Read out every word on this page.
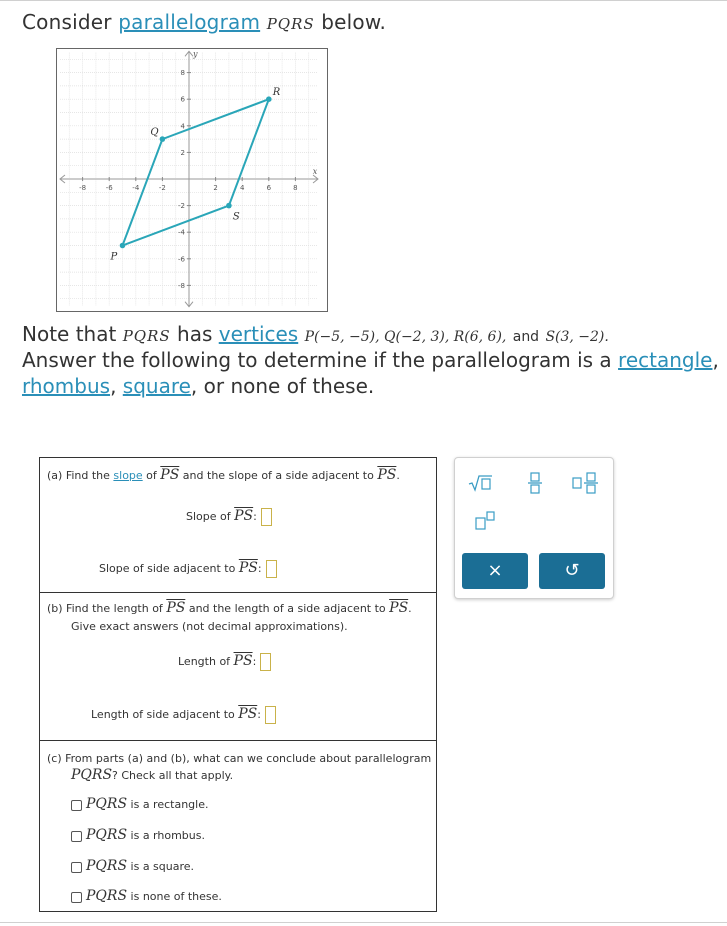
Consider parallelogram PQRS below.
-8	-6	-4	-2	2	4	6	8
8
6
4
2
-2
-4
-6
-8
x
y
P
Q
R
S
Note that PQRS has vertices P(−5, −5), Q(−2, 3), R(6, 6), and S(3, −2).
Answer the following to determine if the parallelogram is a rectangle,
rhombus, square, or none of these.
(a) Find the slope of $\overline{PS}$ and the slope of a side adjacent to $\overline{PS}$.
Slope of $\overline{PS}$:
Slope of side adjacent to $\overline{PS}$:
(b) Find the length of $\overline{PS}$ and the length of a side adjacent to $\overline{PS}$.
Give exact answers (not decimal approximations).
Length of $\overline{PS}$:
Length of side adjacent to $\overline{PS}$:
(c) From parts (a) and (b), what can we conclude about parallelogram
PQRS? Check all that apply.
PQRS is a rectangle.
PQRS is a rhombus.
PQRS is a square.
PQRS is none of these.
×	↺
